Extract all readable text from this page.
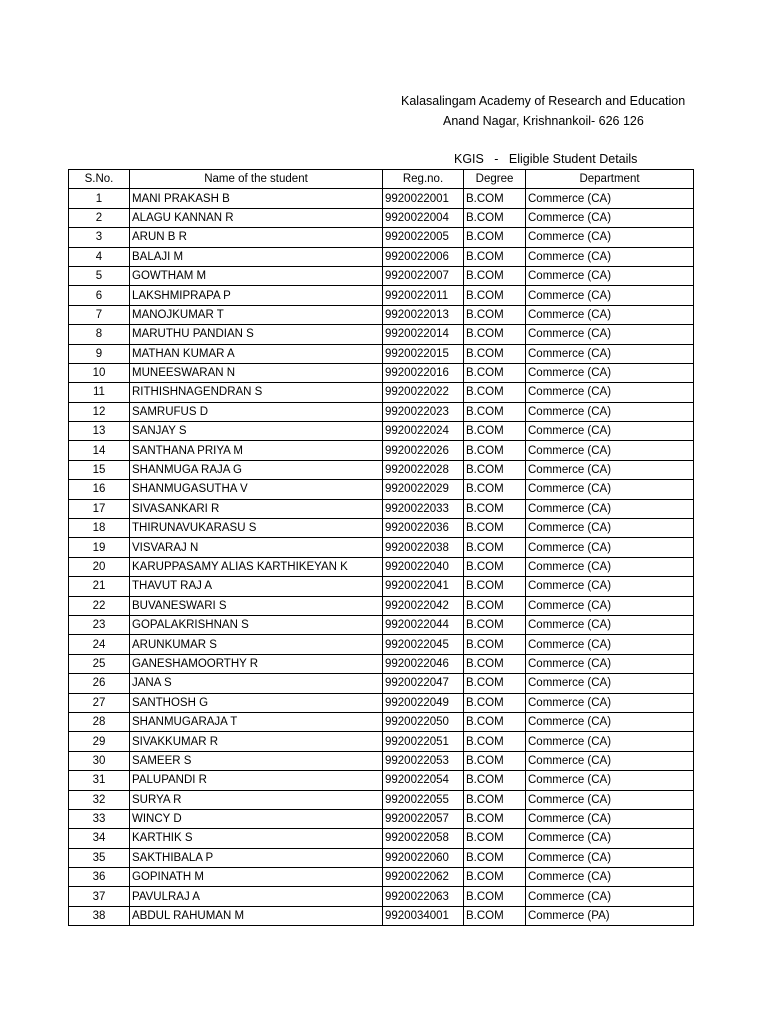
Kalasalingam Academy of Research and Education
Anand Nagar, Krishnankoil- 626 126
KGIS   -   Eligible Student Details
S.No.	Name of the student	Reg.no.	Degree	Department
1	MANI PRAKASH B	9920022001	B.COM	Commerce (CA)
2	ALAGU KANNAN R	9920022004	B.COM	Commerce (CA)
3	ARUN B R	9920022005	B.COM	Commerce (CA)
4	BALAJI M	9920022006	B.COM	Commerce (CA)
5	GOWTHAM M	9920022007	B.COM	Commerce (CA)
6	LAKSHMIPRAPA P	9920022011	B.COM	Commerce (CA)
7	MANOJKUMAR T	9920022013	B.COM	Commerce (CA)
8	MARUTHU PANDIAN S	9920022014	B.COM	Commerce (CA)
9	MATHAN KUMAR A	9920022015	B.COM	Commerce (CA)
10	MUNEESWARAN N	9920022016	B.COM	Commerce (CA)
11	RITHISHNAGENDRAN S	9920022022	B.COM	Commerce (CA)
12	SAMRUFUS D	9920022023	B.COM	Commerce (CA)
13	SANJAY S	9920022024	B.COM	Commerce (CA)
14	SANTHANA PRIYA M	9920022026	B.COM	Commerce (CA)
15	SHANMUGA RAJA G	9920022028	B.COM	Commerce (CA)
16	SHANMUGASUTHA V	9920022029	B.COM	Commerce (CA)
17	SIVASANKARI R	9920022033	B.COM	Commerce (CA)
18	THIRUNAVUKARASU S	9920022036	B.COM	Commerce (CA)
19	VISVARAJ N	9920022038	B.COM	Commerce (CA)
20	KARUPPASAMY ALIAS KARTHIKEYAN K	9920022040	B.COM	Commerce (CA)
21	THAVUT RAJ A	9920022041	B.COM	Commerce (CA)
22	BUVANESWARI S	9920022042	B.COM	Commerce (CA)
23	GOPALAKRISHNAN S	9920022044	B.COM	Commerce (CA)
24	ARUNKUMAR S	9920022045	B.COM	Commerce (CA)
25	GANESHAMOORTHY R	9920022046	B.COM	Commerce (CA)
26	JANA S	9920022047	B.COM	Commerce (CA)
27	SANTHOSH G	9920022049	B.COM	Commerce (CA)
28	SHANMUGARAJA T	9920022050	B.COM	Commerce (CA)
29	SIVAKKUMAR R	9920022051	B.COM	Commerce (CA)
30	SAMEER S	9920022053	B.COM	Commerce (CA)
31	PALUPANDI R	9920022054	B.COM	Commerce (CA)
32	SURYA R	9920022055	B.COM	Commerce (CA)
33	WINCY D	9920022057	B.COM	Commerce (CA)
34	KARTHIK S	9920022058	B.COM	Commerce (CA)
35	SAKTHIBALA P	9920022060	B.COM	Commerce (CA)
36	GOPINATH M	9920022062	B.COM	Commerce (CA)
37	PAVULRAJ A	9920022063	B.COM	Commerce (CA)
38	ABDUL RAHUMAN M	9920034001	B.COM	Commerce (PA)
